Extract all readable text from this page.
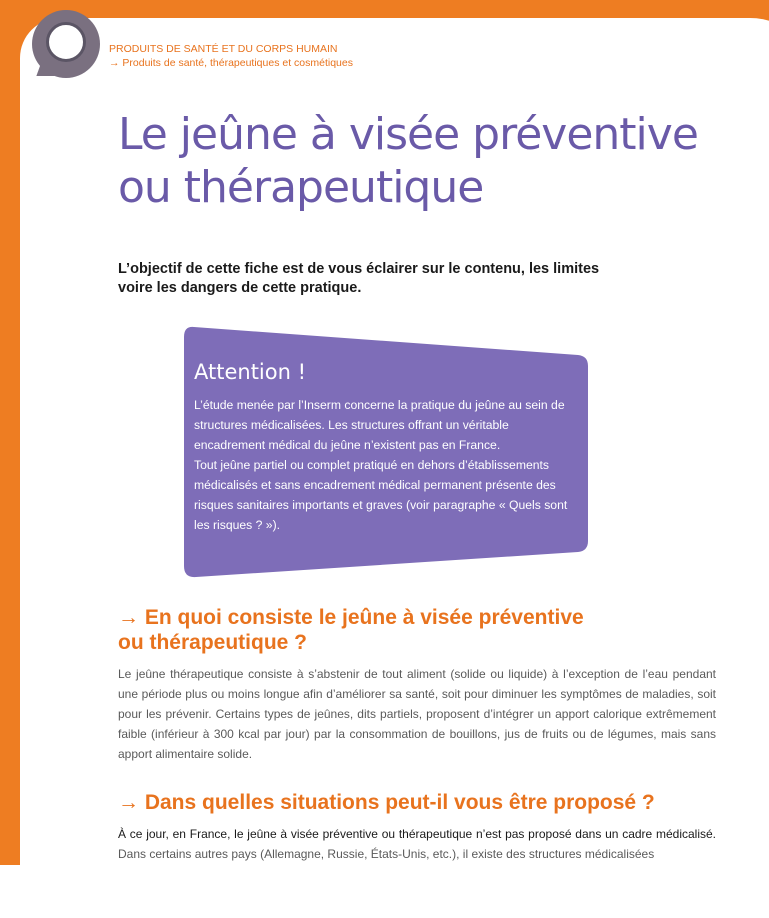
LE POINT SUR
PRODUITS DE SANTÉ ET DU CORPS HUMAIN
→ Produits de santé, thérapeutiques et cosmétiques
Le jeûne à visée préventive
ou thérapeutique

L’objectif de cette fiche est de vous éclairer sur le contenu, les limites
voire les dangers de cette pratique.

Attention !

L’étude menée par l’Inserm concerne la pratique du jeûne au sein de structures médicalisées. Les structures offrant un véritable encadrement médical du jeûne n’existent pas en France.

Tout jeûne partiel ou complet pratiqué en dehors d’établissements médicalisés et sans encadrement médical permanent présente des risques sanitaires importants et graves (voir paragraphe « Quels sont les risques ? »).

→ En quoi consiste le jeûne à visée préventive
ou thérapeutique ?

Le jeûne thérapeutique consiste à s’abstenir de tout aliment (solide ou liquide) à l’exception de l’eau pendant une période plus ou moins longue afin d’améliorer sa santé, soit pour diminuer les symptômes de maladies, soit pour les prévenir. Certains types de jeûnes, dits partiels, proposent d’intégrer un apport calorique extrêmement faible (inférieur à 300 kcal par jour) par la consommation de bouillons, jus de fruits ou de légumes, mais sans apport alimentaire solide.

→ Dans quelles situations peut-il vous être proposé ?

À ce jour, en France, le jeûne à visée préventive ou thérapeutique n’est pas proposé dans un cadre médicalisé. Dans certains autres pays (Allemagne, Russie, États-Unis, etc.), il existe des structures médicalisées
